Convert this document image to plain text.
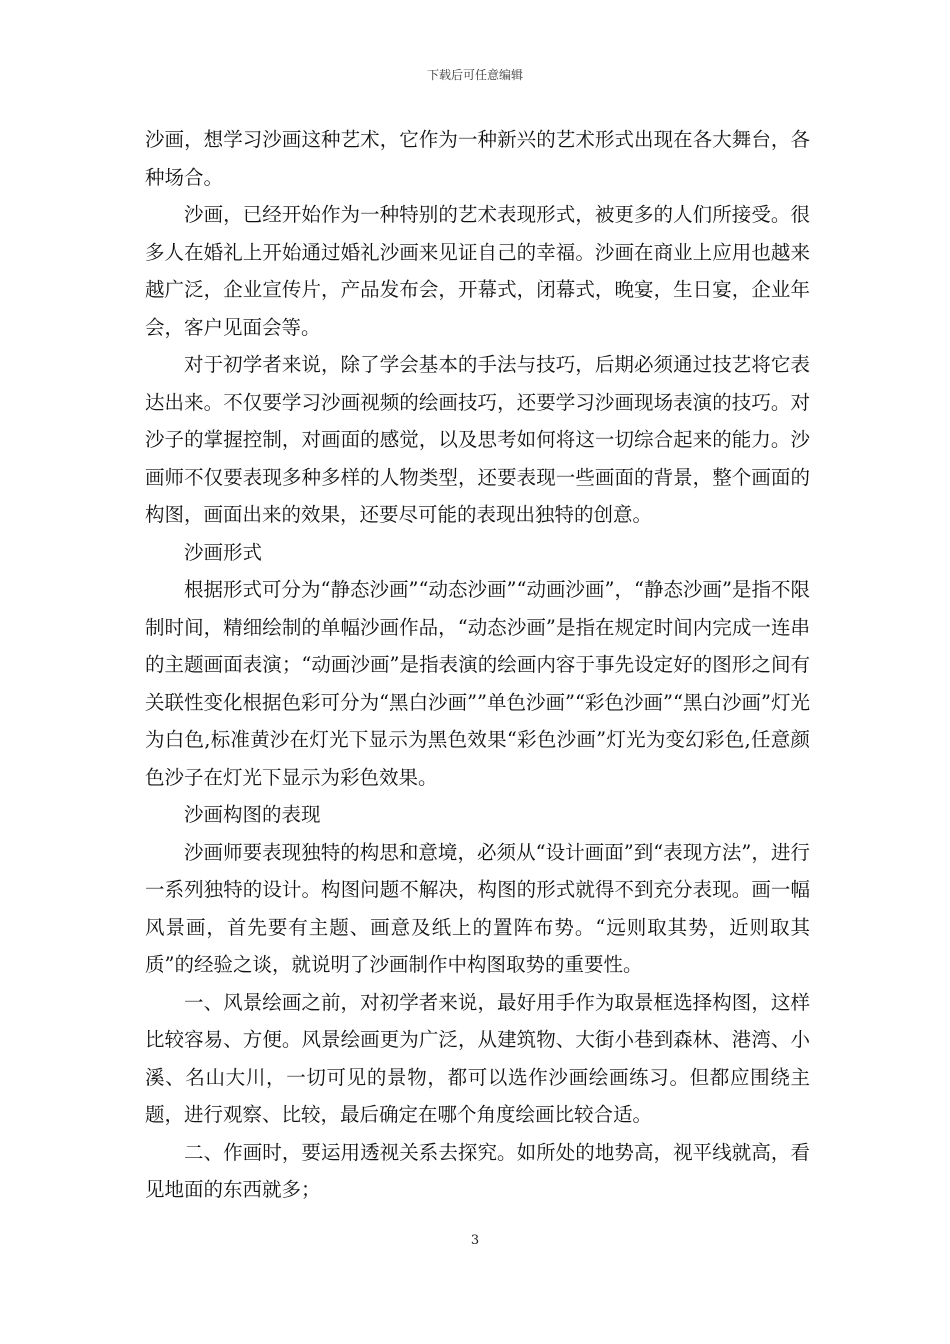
下载后可任意编辑

沙画，想学习沙画这种艺术，它作为一种新兴的艺术形式出现在各大舞台，各种场合。

沙画，已经开始作为一种特别的艺术表现形式，被更多的人们所接受。很多人在婚礼上开始通过婚礼沙画来见证自己的幸福。沙画在商业上应用也越来越广泛，企业宣传片，产品发布会，开幕式，闭幕式，晚宴，生日宴，企业年会，客户见面会等。

对于初学者来说，除了学会基本的手法与技巧，后期必须通过技艺将它表达出来。不仅要学习沙画视频的绘画技巧，还要学习沙画现场表演的技巧。对沙子的掌握控制，对画面的感觉，以及思考如何将这一切综合起来的能力。沙画师不仅要表现多种多样的人物类型，还要表现一些画面的背景，整个画面的构图，画面出来的效果，还要尽可能的表现出独特的创意。

沙画形式

根据形式可分为“静态沙画”“动态沙画”“动画沙画”，“静态沙画”是指不限制时间，精细绘制的单幅沙画作品，“动态沙画”是指在规定时间内完成一连串的主题画面表演；“动画沙画”是指表演的绘画内容于事先设定好的图形之间有关联性变化根据色彩可分为“黑白沙画””单色沙画”“彩色沙画”“黑白沙画”灯光为白色,标准黄沙在灯光下显示为黑色效果“彩色沙画”灯光为变幻彩色,任意颜色沙子在灯光下显示为彩色效果。

沙画构图的表现

沙画师要表现独特的构思和意境，必须从“设计画面”到“表现方法”，进行一系列独特的设计。构图问题不解决，构图的形式就得不到充分表现。画一幅风景画，首先要有主题、画意及纸上的置阵布势。“远则取其势，近则取其质”的经验之谈，就说明了沙画制作中构图取势的重要性。

一、风景绘画之前，对初学者来说，最好用手作为取景框选择构图，这样比较容易、方便。风景绘画更为广泛，从建筑物、大街小巷到森林、港湾、小溪、名山大川，一切可见的景物，都可以选作沙画绘画练习。但都应围绕主题，进行观察、比较，最后确定在哪个角度绘画比较合适。

二、作画时，要运用透视关系去探究。如所处的地势高，视平线就高，看见地面的东西就多；

3
